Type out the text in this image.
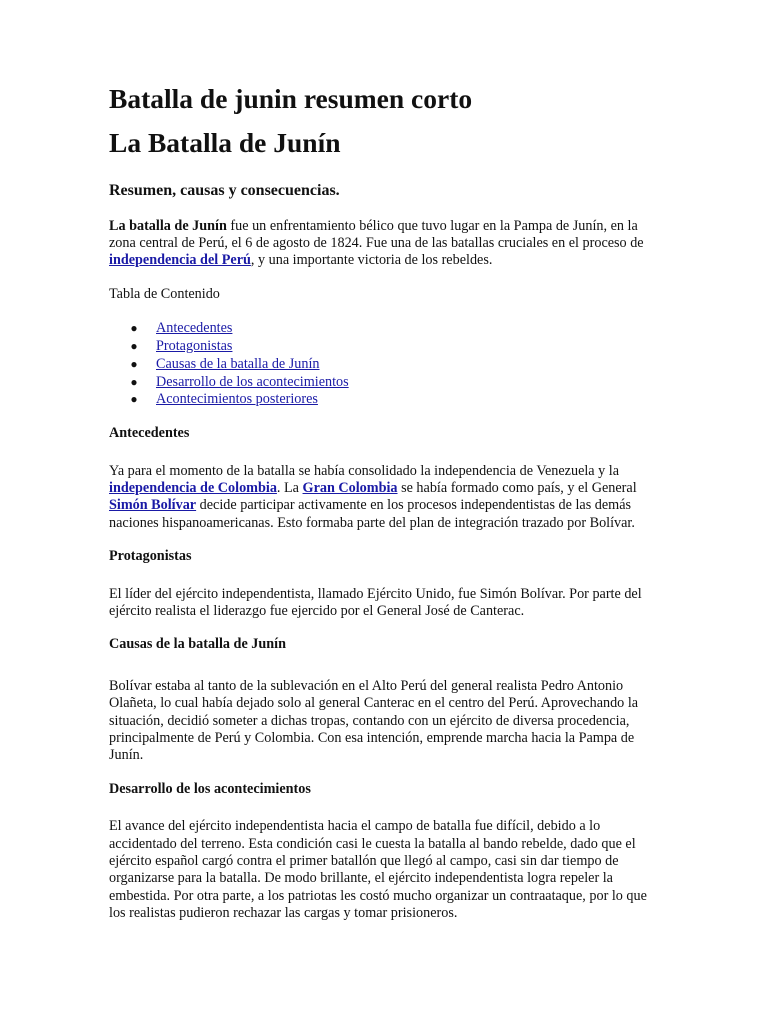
Batalla de junin resumen corto
La Batalla de Junín
Resumen, causas y consecuencias.

La batalla de Junín fue un enfrentamiento bélico que tuvo lugar en la Pampa de Junín, en la zona central de Perú, el 6 de agosto de 1824. Fue una de las batallas cruciales en el proceso de independencia del Perú, y una importante victoria de los rebeldes.

Tabla de Contenido

● Antecedentes
● Protagonistas
● Causas de la batalla de Junín
● Desarrollo de los acontecimientos
● Acontecimientos posteriores
Antecedentes

Ya para el momento de la batalla se había consolidado la independencia de Venezuela y la independencia de Colombia. La Gran Colombia se había formado como país, y el General Simón Bolívar decide participar activamente en los procesos independentistas de las demás naciones hispanoamericanas. Esto formaba parte del plan de integración trazado por Bolívar.

Protagonistas

El líder del ejército independentista, llamado Ejército Unido, fue Simón Bolívar. Por parte del ejército realista el liderazgo fue ejercido por el General José de Canterac.

Causas de la batalla de Junín

Bolívar estaba al tanto de la sublevación en el Alto Perú del general realista Pedro Antonio Olañeta, lo cual había dejado solo al general Canterac en el centro del Perú. Aprovechando la situación, decidió someter a dichas tropas, contando con un ejército de diversa procedencia, principalmente de Perú y Colombia. Con esa intención, emprende marcha hacia la Pampa de Junín.

Desarrollo de los acontecimientos

El avance del ejército independentista hacia el campo de batalla fue difícil, debido a lo accidentado del terreno. Esta condición casi le cuesta la batalla al bando rebelde, dado que el ejército español cargó contra el primer batallón que llegó al campo, casi sin dar tiempo de organizarse para la batalla. De modo brillante, el ejército independentista logra repeler la embestida. Por otra parte, a los patriotas les costó mucho organizar un contraataque, por lo que los realistas pudieron rechazar las cargas y tomar prisioneros.
